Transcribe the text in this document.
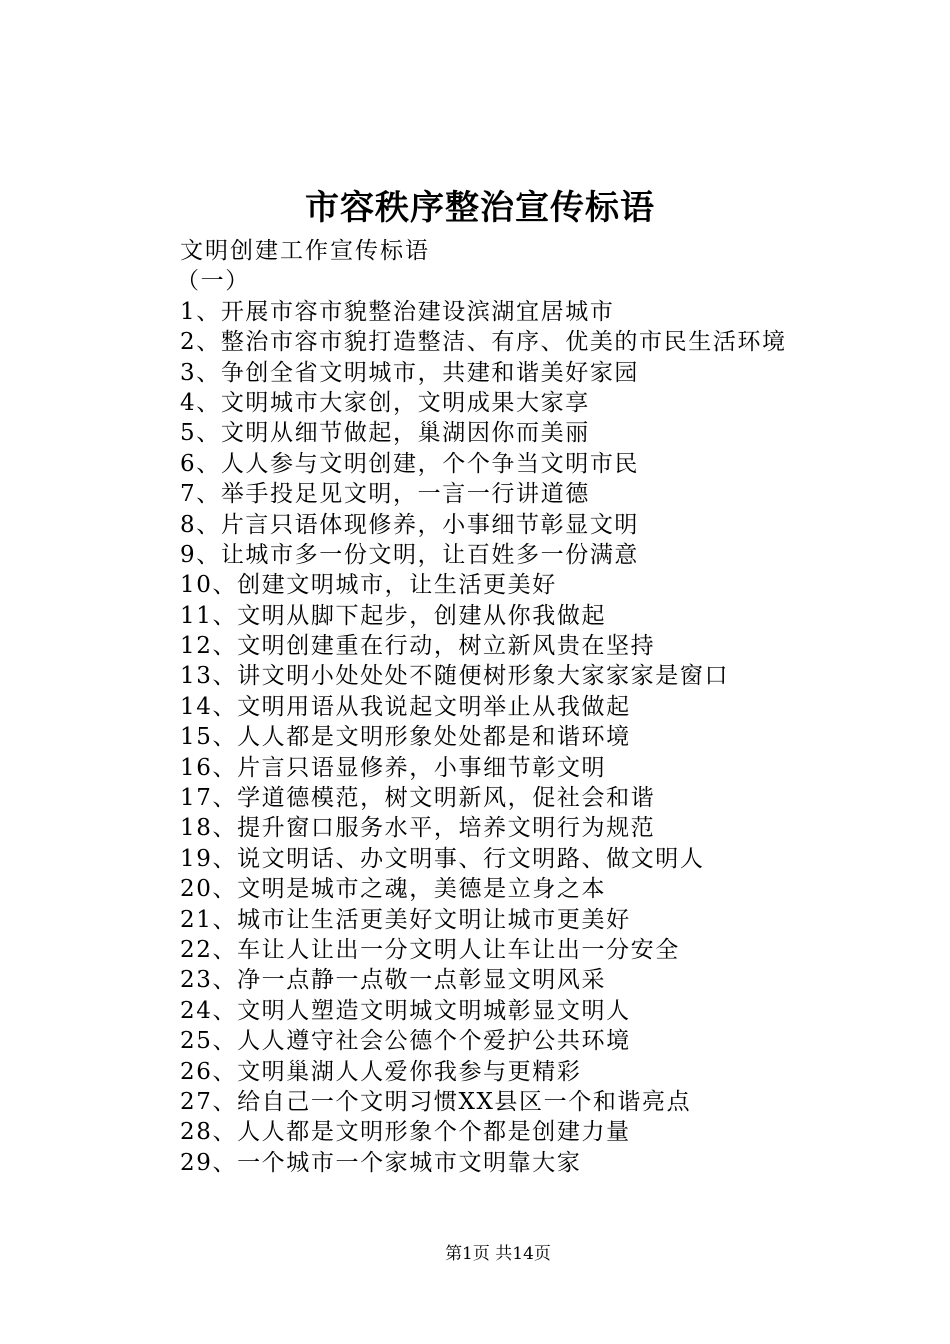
市容秩序整治宣传标语
文明创建工作宣传标语
（一）
1、开展市容市貌整治建设滨湖宜居城市
2、整治市容市貌打造整洁、有序、优美的市民生活环境
3、争创全省文明城市，共建和谐美好家园
4、文明城市大家创，文明成果大家享
5、文明从细节做起，巢湖因你而美丽
6、人人参与文明创建，个个争当文明市民
7、举手投足见文明，一言一行讲道德
8、片言只语体现修养，小事细节彰显文明
9、让城市多一份文明，让百姓多一份满意
10、创建文明城市，让生活更美好
11、文明从脚下起步，创建从你我做起
12、文明创建重在行动，树立新风贵在坚持
13、讲文明小处处处不随便树形象大家家家是窗口
14、文明用语从我说起文明举止从我做起
15、人人都是文明形象处处都是和谐环境
16、片言只语显修养，小事细节彰文明
17、学道德模范，树文明新风，促社会和谐
18、提升窗口服务水平，培养文明行为规范
19、说文明话、办文明事、行文明路、做文明人
20、文明是城市之魂，美德是立身之本
21、城市让生活更美好文明让城市更美好
22、车让人让出一分文明人让车让出一分安全
23、净一点静一点敬一点彰显文明风采
24、文明人塑造文明城文明城彰显文明人
25、人人遵守社会公德个个爱护公共环境
26、文明巢湖人人爱你我参与更精彩
27、给自己一个文明习惯XX县区一个和谐亮点
28、人人都是文明形象个个都是创建力量
29、一个城市一个家城市文明靠大家
第1页 共14页
